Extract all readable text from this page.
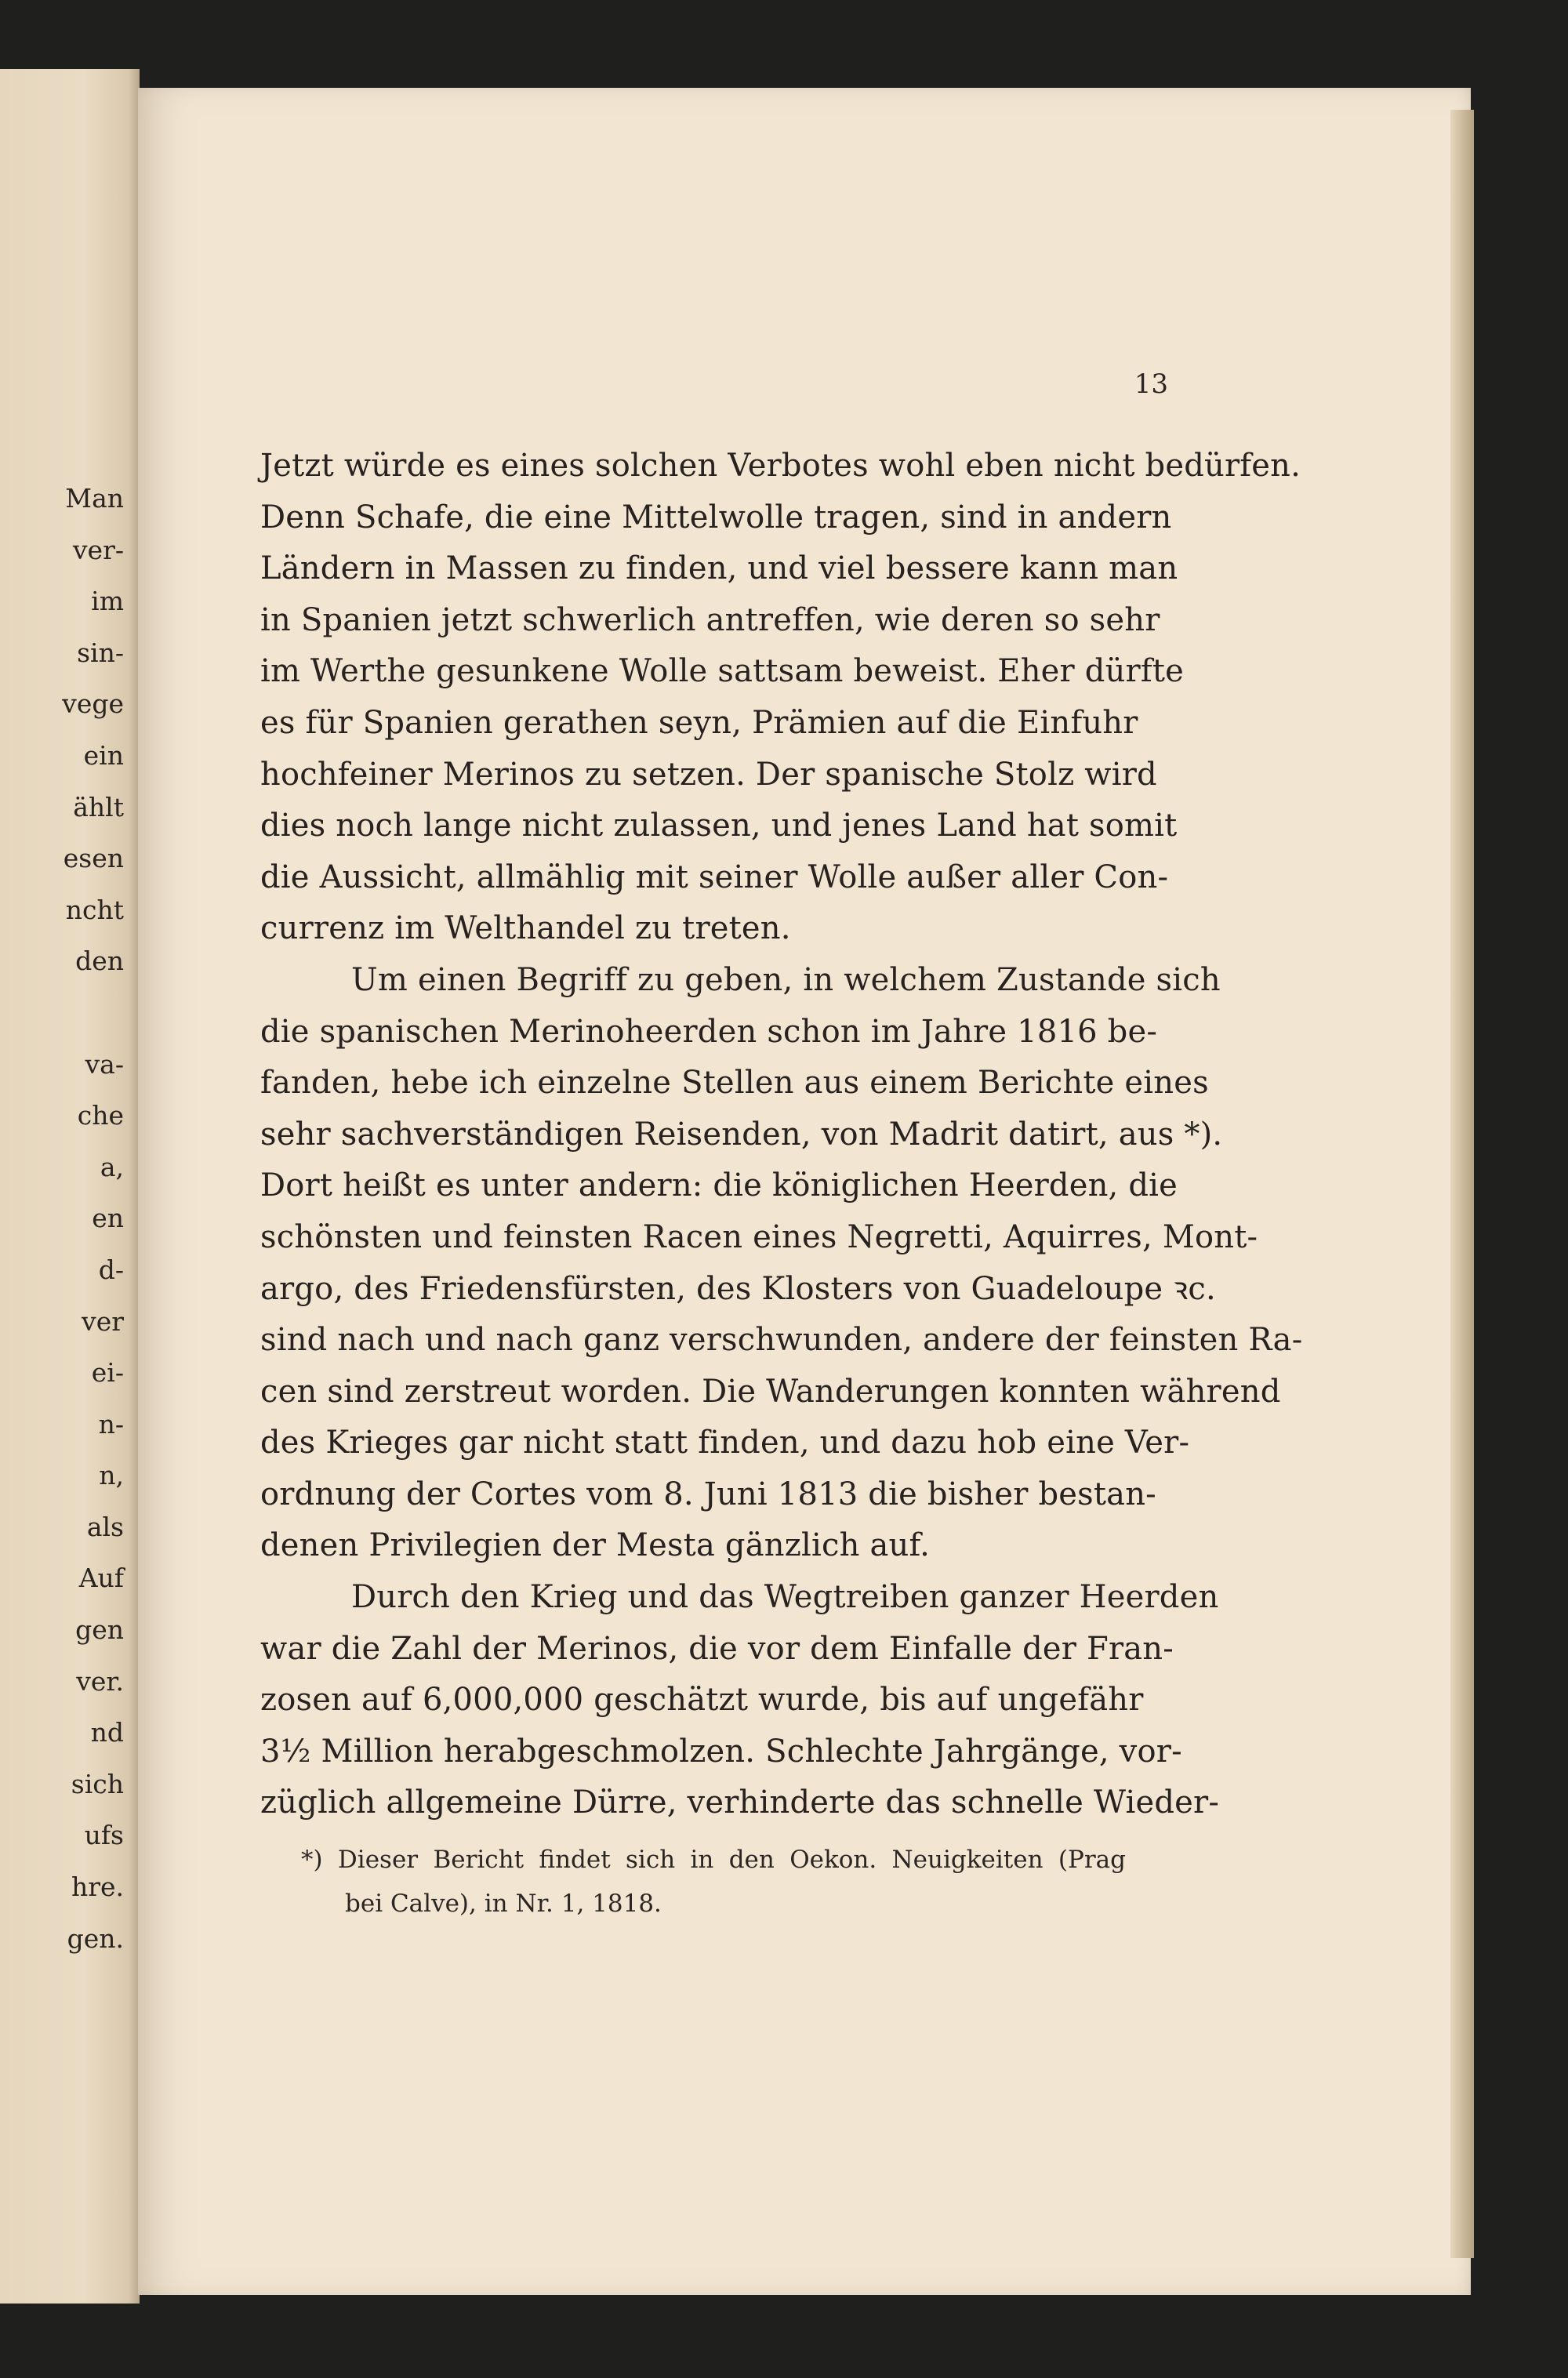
Man
ver-
im
sin-
vege
ein
ählt
esen
ncht
den
va-
che
a,
en
d-
ver
ei-
n-
n,
als
Auf
gen
ver.
nd
sich
ufs
hre.
gen.
13
Jetzt würde es eines solchen Verbotes wohl eben nicht bedürfen.
Denn Schafe, die eine Mittelwolle tragen, sind in andern
Ländern in Massen zu finden, und viel bessere kann man
in Spanien jetzt schwerlich antreffen, wie deren so sehr
im Werthe gesunkene Wolle sattsam beweist. Eher dürfte
es für Spanien gerathen seyn, Prämien auf die Einfuhr
hochfeiner Merinos zu setzen. Der spanische Stolz wird
dies noch lange nicht zulassen, und jenes Land hat somit
die Aussicht, allmählig mit seiner Wolle außer aller Con-
currenz im Welthandel zu treten.
Um einen Begriff zu geben, in welchem Zustande sich
die spanischen Merinoheerden schon im Jahre 1816 be-
fanden, hebe ich einzelne Stellen aus einem Berichte eines
sehr sachverständigen Reisenden, von Madrit datirt, aus *).
Dort heißt es unter andern: die königlichen Heerden, die
schönsten und feinsten Racen eines Negretti, Aquirres, Mont-
argo, des Friedensfürsten, des Klosters von Guadeloupe ꝛc.
sind nach und nach ganz verschwunden, andere der feinsten Ra-
cen sind zerstreut worden. Die Wanderungen konnten während
des Krieges gar nicht statt finden, und dazu hob eine Ver-
ordnung der Cortes vom 8. Juni 1813 die bisher bestan-
denen Privilegien der Mesta gänzlich auf.
Durch den Krieg und das Wegtreiben ganzer Heerden
war die Zahl der Merinos, die vor dem Einfalle der Fran-
zosen auf 6,000,000 geschätzt wurde, bis auf ungefähr
3½ Million herabgeschmolzen. Schlechte Jahrgänge, vor-
züglich allgemeine Dürre, verhinderte das schnelle Wieder-
*) Dieser Bericht findet sich in den Oekon. Neuigkeiten (Prag
bei Calve), in Nr. 1, 1818.
